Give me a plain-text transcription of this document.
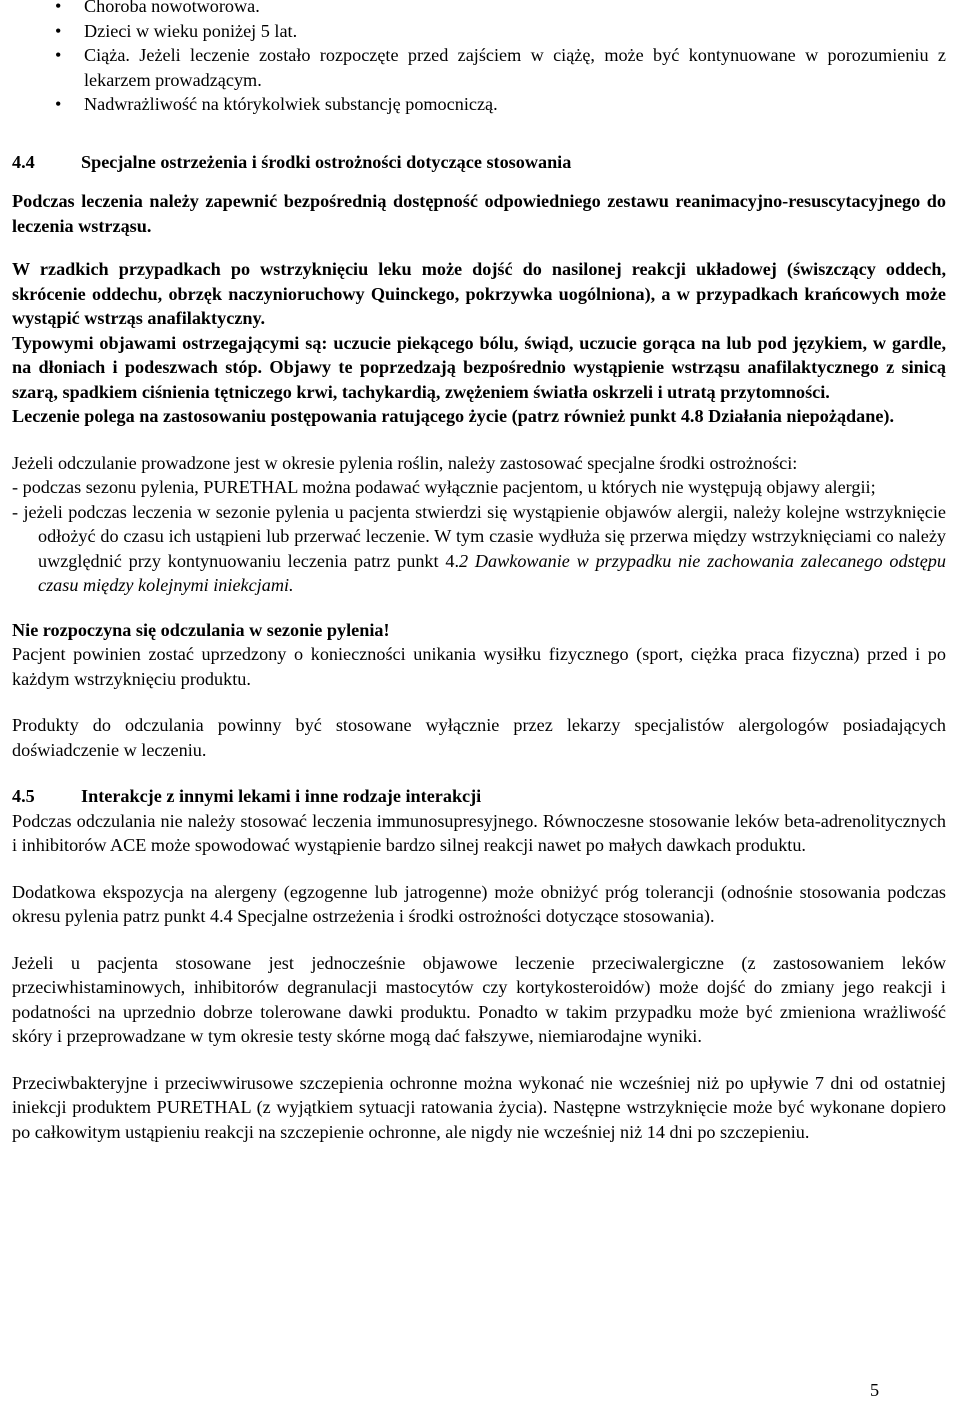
• Choroba nowotworowa.
• Dzieci w wieku poniżej 5 lat.
• Ciąża. Jeżeli leczenie zostało rozpoczęte przed zajściem w ciążę, może być kontynuowane w porozumieniu z lekarzem prowadzącym.
• Nadwrażliwość na którykolwiek substancję pomocniczą.
4.4	Specjalne ostrzeżenia i środki ostrożności dotyczące stosowania

Podczas leczenia należy zapewnić bezpośrednią dostępność odpowiedniego zestawu reanimacyjno-resuscytacyjnego do leczenia wstrząsu.

W rzadkich przypadkach po wstrzyknięciu leku może dojść do nasilonej reakcji układowej (świszczący oddech, skrócenie oddechu, obrzęk naczynioruchowy Quinckego, pokrzywka uogólniona), a w przypadkach krańcowych może wystąpić wstrząs anafilaktyczny.

Typowymi objawami ostrzegającymi są: uczucie piekącego bólu, świąd, uczucie gorąca na lub pod językiem, w gardle, na dłoniach i podeszwach stóp. Objawy te poprzedzają bezpośrednio wystąpienie wstrząsu anafilaktycznego z sinicą szarą, spadkiem ciśnienia tętniczego krwi, tachykardią, zwężeniem światła oskrzeli i utratą przytomności.

Leczenie polega na zastosowaniu postępowania ratującego życie (patrz również punkt 4.8 Działania niepożądane).

Jeżeli odczulanie prowadzone jest w okresie pylenia roślin, należy zastosować specjalne środki ostrożności:

- podczas sezonu pylenia, PURETHAL można podawać wyłącznie pacjentom, u których nie występują objawy alergii;

- jeżeli podczas leczenia w sezonie pylenia u pacjenta stwierdzi się wystąpienie objawów alergii, należy kolejne wstrzyknięcie odłożyć do czasu ich ustąpieni lub przerwać leczenie. W tym czasie wydłuża się przerwa między wstrzyknięciami co należy uwzględnić przy kontynuowaniu leczenia patrz punkt 4.2 Dawkowanie w przypadku nie zachowania zalecanego odstępu czasu między kolejnymi iniekcjami.

Nie rozpoczyna się odczulania w sezonie pylenia!

Pacjent powinien zostać uprzedzony o konieczności unikania wysiłku fizycznego (sport, ciężka praca fizyczna) przed i po każdym wstrzyknięciu produktu.

Produkty do odczulania powinny być stosowane wyłącznie przez lekarzy specjalistów alergologów posiadających doświadczenie w leczeniu.

4.5	Interakcje z innymi lekami i inne rodzaje interakcji

Podczas odczulania nie należy stosować leczenia immunosupresyjnego. Równoczesne stosowanie leków beta-adrenolitycznych i inhibitorów ACE może spowodować wystąpienie bardzo silnej reakcji nawet po małych dawkach produktu.

Dodatkowa ekspozycja na alergeny (egzogenne lub jatrogenne) może obniżyć próg tolerancji (odnośnie stosowania podczas okresu pylenia patrz punkt 4.4 Specjalne ostrzeżenia i środki ostrożności dotyczące stosowania).

Jeżeli u pacjenta stosowane jest jednocześnie objawowe leczenie przeciwalergiczne (z zastosowaniem leków przeciwhistaminowych, inhibitorów degranulacji mastocytów czy kortykosteroidów) może dojść do zmiany jego reakcji i podatności na uprzednio dobrze tolerowane dawki produktu. Ponadto w takim przypadku może być zmieniona wrażliwość skóry i przeprowadzane w tym okresie testy skórne mogą dać fałszywe, niemiarodajne wyniki.

Przeciwbakteryjne i przeciwwirusowe szczepienia ochronne można wykonać nie wcześniej niż po upływie 7 dni od ostatniej iniekcji produktem PURETHAL (z wyjątkiem sytuacji ratowania życia). Następne wstrzyknięcie może być wykonane dopiero po całkowitym ustąpieniu reakcji na szczepienie ochronne, ale nigdy nie wcześniej niż 14 dni po szczepieniu.

5
